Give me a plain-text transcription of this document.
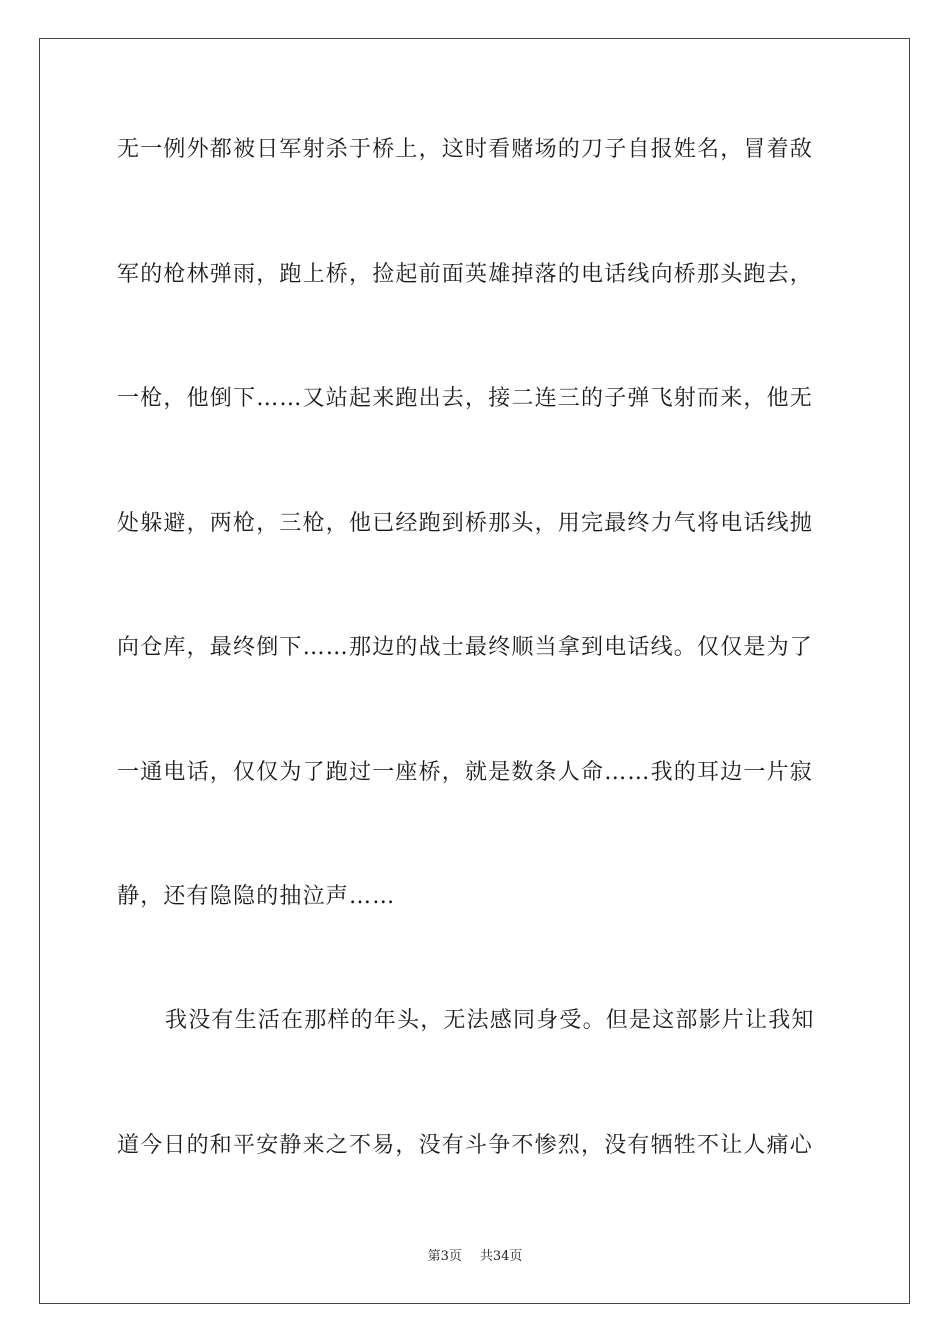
无一例外都被日军射杀于桥上，这时看赌场的刀子自报姓名，冒着敌
军的枪林弹雨，跑上桥，捡起前面英雄掉落的电话线向桥那头跑去，
一枪，他倒下……又站起来跑出去，接二连三的子弹飞射而来，他无
处躲避，两枪，三枪，他已经跑到桥那头，用完最终力气将电话线抛
向仓库，最终倒下……那边的战士最终顺当拿到电话线。仅仅是为了
一通电话，仅仅为了跑过一座桥，就是数条人命……我的耳边一片寂
静，还有隐隐的抽泣声……
我没有生活在那样的年头，无法感同身受。但是这部影片让我知
道今日的和平安静来之不易，没有斗争不惨烈，没有牺牲不让人痛心
第3页 共34页
